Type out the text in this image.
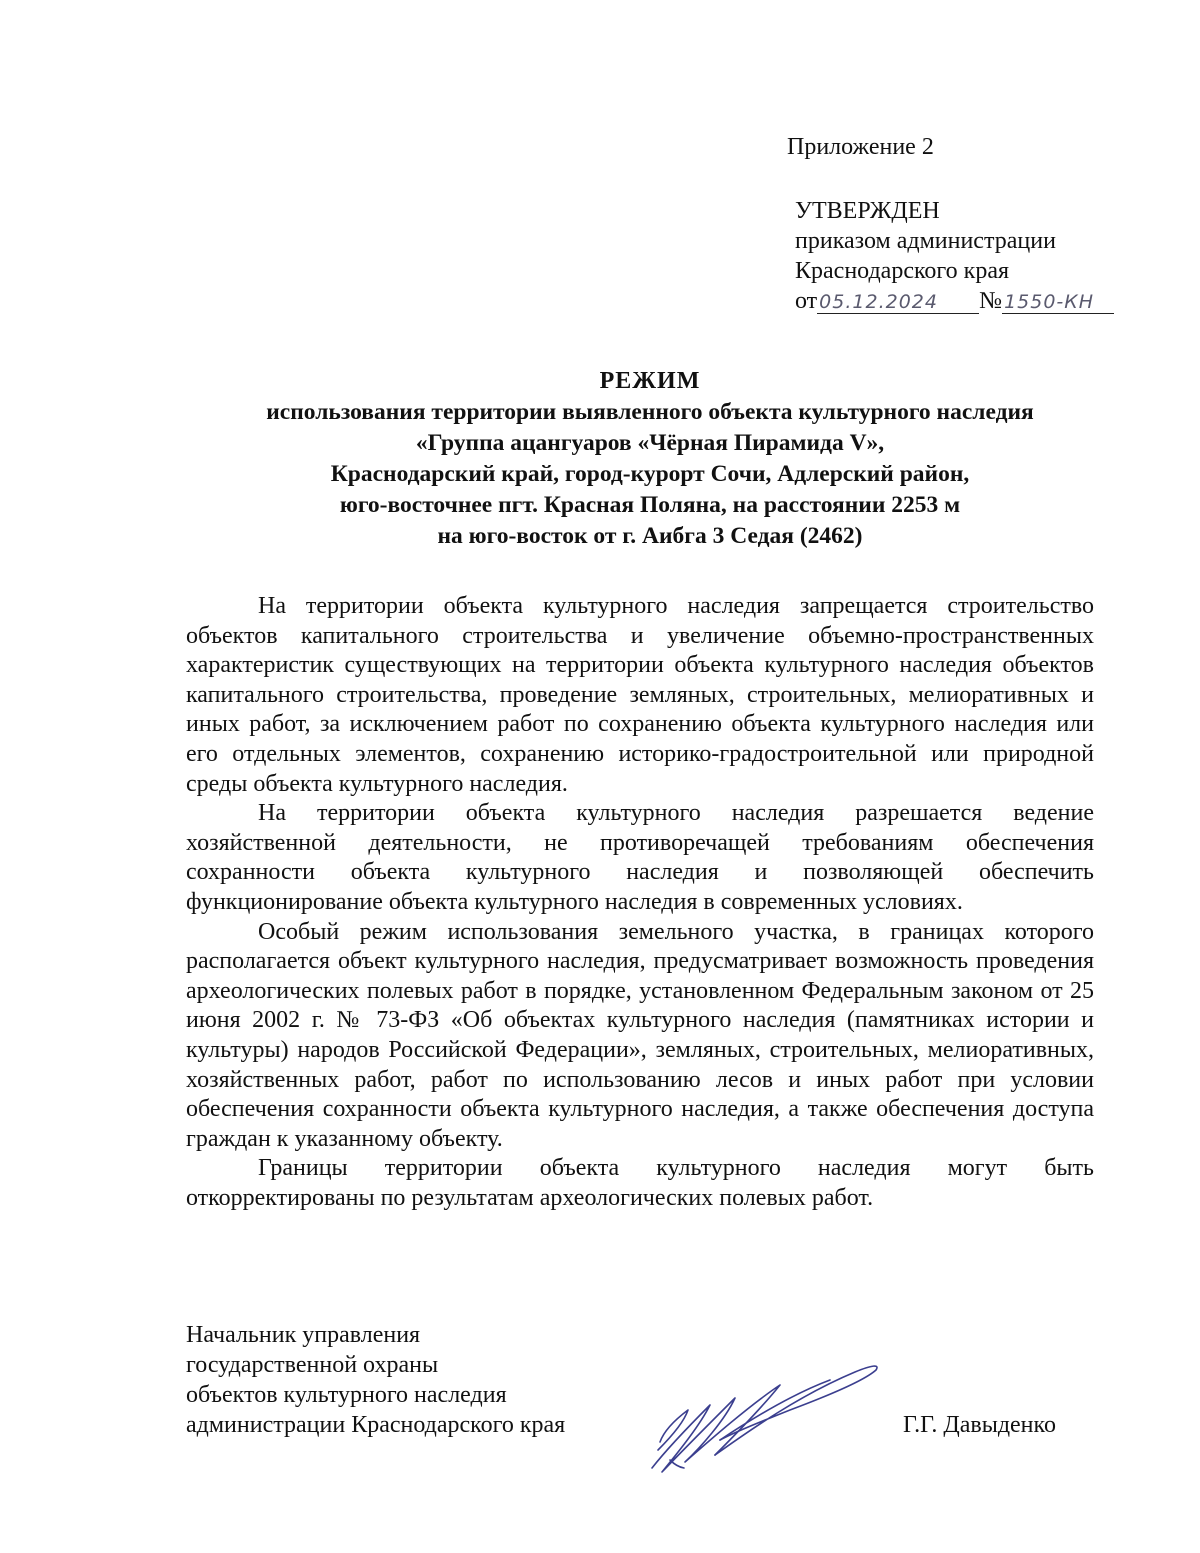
Приложение 2
УТВЕРЖДЕН
приказом администрации
Краснодарского края
от 05.12.2024 № 1550-КН
РЕЖИМ
использования территории выявленного объекта культурного наследия
«Группа ацангуаров «Чёрная Пирамида V»,
Краснодарский край, город-курорт Сочи, Адлерский район,
юго-восточнее пгт. Красная Поляна, на расстоянии 2253 м
на юго-восток от г. Аибга 3 Седая (2462)

На территории объекта культурного наследия запрещается строительство объектов капитального строительства и увеличение объемно-пространственных характеристик существующих на территории объекта культурного наследия объектов капитального строительства, проведение земляных, строительных, мелиоративных и иных работ, за исключением работ по сохранению объекта культурного наследия или его отдельных элементов, сохранению историко-градостроительной или природной среды объекта культурного наследия.

На территории объекта культурного наследия разрешается ведение хозяйственной деятельности, не противоречащей требованиям обеспечения сохранности объекта культурного наследия и позволяющей обеспечить функционирование объекта культурного наследия в современных условиях.

Особый режим использования земельного участка, в границах которого располагается объект культурного наследия, предусматривает возможность проведения археологических полевых работ в порядке, установленном Федеральным законом от 25 июня 2002 г. № 73-ФЗ «Об объектах культурного наследия (памятниках истории и культуры) народов Российской Федерации», земляных, строительных, мелиоративных, хозяйственных работ, работ по использованию лесов и иных работ при условии обеспечения сохранности объекта культурного наследия, а также обеспечения доступа граждан к указанному объекту.

Границы территории объекта культурного наследия могут быть откорректированы по результатам археологических полевых работ.

Начальник управления
государственной охраны
объектов культурного наследия
администрации Краснодарского края	Г.Г. Давыденко
